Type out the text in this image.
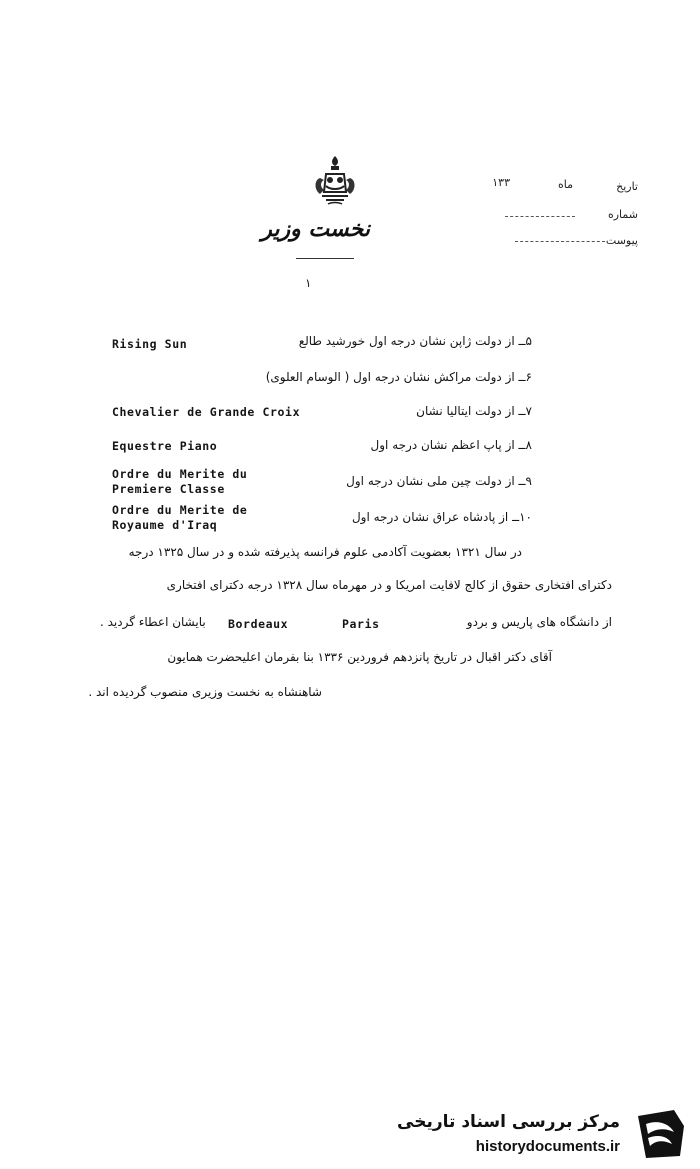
نخست وزیر
تاریخ
ماه
۱۳۳
شماره
پیوست
۱
۵ــ از دولت ژاپن نشان درجه اول خورشید طالع
Rising Sun
۶ــ از دولت مراکش نشان درجه اول ( الوسام العلوی)
۷ــ از دولت ایتالیا نشان
Chevalier de Grande Croix
۸ــ از پاپ اعظم نشان درجه اول
Equestre Piano
۹ــ از دولت چین ملی نشان درجه اول
Ordre du Merite du
Premiere Classe
۱۰ــ از پادشاه عراق نشان درجه اول
Ordre du Merite de
Royaume d'Iraq
در سال ۱۳۲۱ بعضویت آکادمی علوم فرانسه پذیرفته شده و در سال ۱۳۲۵ درجه
دکترای افتخاری حقوق از کالج لافایت امریکا و در مهرماه سال ۱۳۲۸ درجه دکترای افتخاری
از دانشگاه های پاریس و بردو
Paris
Bordeaux
بایشان اعطاء گردید .
آقای دکتر اقبال در تاریخ پانزدهم فروردین ۱۳۳۶ بنا بفرمان اعلیحضرت همایون
شاهنشاه به نخست وزیری منصوب گردیده اند .
مرکز بررسی اسناد تاریخی
historydocuments.ir
